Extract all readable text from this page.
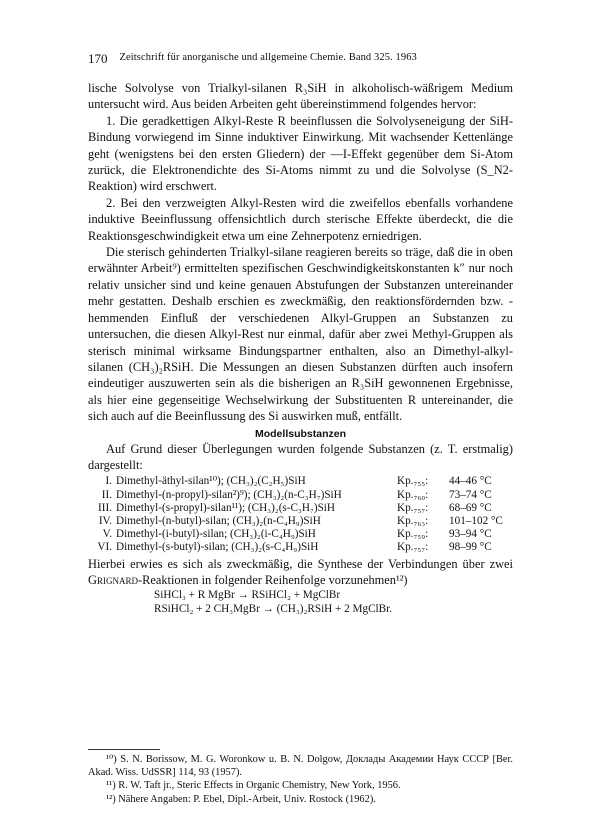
170 Zeitschrift für anorganische und allgemeine Chemie. Band 325. 1963

lische Solvolyse von Trialkyl-silanen R₃SiH in alkoholisch-wäßrigem Medium untersucht wird. Aus beiden Arbeiten geht übereinstimmend folgendes hervor:

1. Die geradkettigen Alkyl-Reste R beeinflussen die Solvolyseneigung der SiH-Bindung vorwiegend im Sinne induktiver Einwirkung. Mit wachsender Kettenlänge geht (wenigstens bei den ersten Gliedern) der —I-Effekt gegenüber dem Si-Atom zurück, die Elektronendichte des Si-Atoms nimmt zu und die Solvolyse (S_N2-Reaktion) wird erschwert.

2. Bei den verzweigten Alkyl-Resten wird die zweifellos ebenfalls vorhandene induktive Beeinflussung offensichtlich durch sterische Effekte überdeckt, die die Reaktionsgeschwindigkeit etwa um eine Zehnerpotenz erniedrigen.

Die sterisch gehinderten Trialkyl-silane reagieren bereits so träge, daß die in oben erwähnter Arbeit⁹) ermittelten spezifischen Geschwindigkeitskonstanten k″ nur noch relativ unsicher sind und keine genauen Abstufungen der Substanzen untereinander mehr gestatten. Deshalb erschien es zweckmäßig, den reaktionsfördernden bzw. -hemmenden Einfluß der verschiedenen Alkyl-Gruppen an Substanzen zu untersuchen, die diesen Alkyl-Rest nur einmal, dafür aber zwei Methyl-Gruppen als sterisch minimal wirksame Bindungspartner enthalten, also an Dimethyl-alkyl-silanen (CH₃)₂RSiH. Die Messungen an diesen Substanzen dürften auch insofern eindeutiger auszuwerten sein als die bisherigen an R₃SiH gewonnenen Ergebnisse, als hier eine gegenseitige Wechselwirkung der Substituenten R untereinander, die sich auch auf die Beeinflussung des Si auswirken muß, entfällt.

Modellsubstanzen

Auf Grund dieser Überlegungen wurden folgende Substanzen (z. T. erstmalig) dargestellt:

I. Dimethyl-äthyl-silan¹⁰); (CH₃)₂(C₂H₅)SiH	Kp.₇₅₅:	44–46 °C
II. Dimethyl-(n-propyl)-silan²)⁹); (CH₃)₂(n-C₃H₇)SiH	Kp.₇₆₀:	73–74 °C
III. Dimethyl-(s-propyl)-silan¹¹); (CH₃)₂(s-C₃H₇)SiH	Kp.₇₅₇:	68–69 °C
IV. Dimethyl-(n-butyl)-silan; (CH₃)₂(n-C₄H₉)SiH	Kp.₇₆₃:	101–102 °C
V. Dimethyl-(i-butyl)-silan; (CH₃)₂(i-C₄H₉)SiH	Kp.₇₅₉:	93–94 °C
VI. Dimethyl-(s-butyl)-silan; (CH₃)₂(s-C₄H₉)SiH	Kp.₇₅₇:	98–99 °C

Hierbei erwies es sich als zweckmäßig, die Synthese der Verbindungen über zwei Grignard-Reaktionen in folgender Reihenfolge vorzunehmen¹²)

SiHCl₃ + R MgBr → RSiHCl₂ + MgClBr
RSiHCl₂ + 2 CH₃MgBr → (CH₃)₂RSiH + 2 MgClBr.
¹⁰) S. N. Borissow, M. G. Woronkow u. B. N. Dolgow, Доклады Академии Наук СССР [Ber. Akad. Wiss. UdSSR] 114, 93 (1957).
¹¹) R. W. Taft jr., Steric Effects in Organic Chemistry, New York, 1956.
¹²) Nähere Angaben: P. Ebel, Dipl.-Arbeit, Univ. Rostock (1962).
